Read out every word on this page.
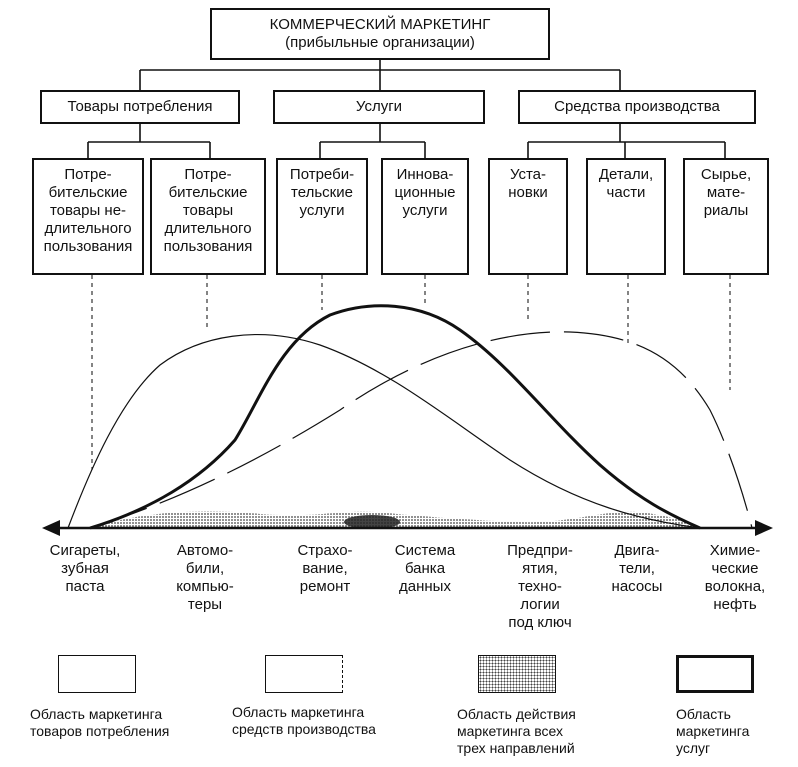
КОММЕРЧЕСКИЙ МАРКЕТИНГ
(прибыльные организации)
Товары потребления	Услуги	Средства производства
Потре-
бительские
товары не-
длительного
пользования
Потре-
бительские
товары
длительного
пользования
Потреби-
тельские
услуги
Иннова-
ционные
услуги
Уста-
новки
Детали,
части
Сырье,
мате-
риалы
Сигареты,
зубная
паста
Автомо-
били,
компью-
теры
Страхо-
вание,
ремонт
Система
банка
данных
Предпри-
ятия,
техно-
логии
под ключ
Двига-
тели,
насосы
Химие-
ческие
волокна,
нефть
Область маркетинга
товаров потребления
Область маркетинга
средств производства
Область действия
маркетинга всех
трех направлений
Область
маркетинга
услуг
